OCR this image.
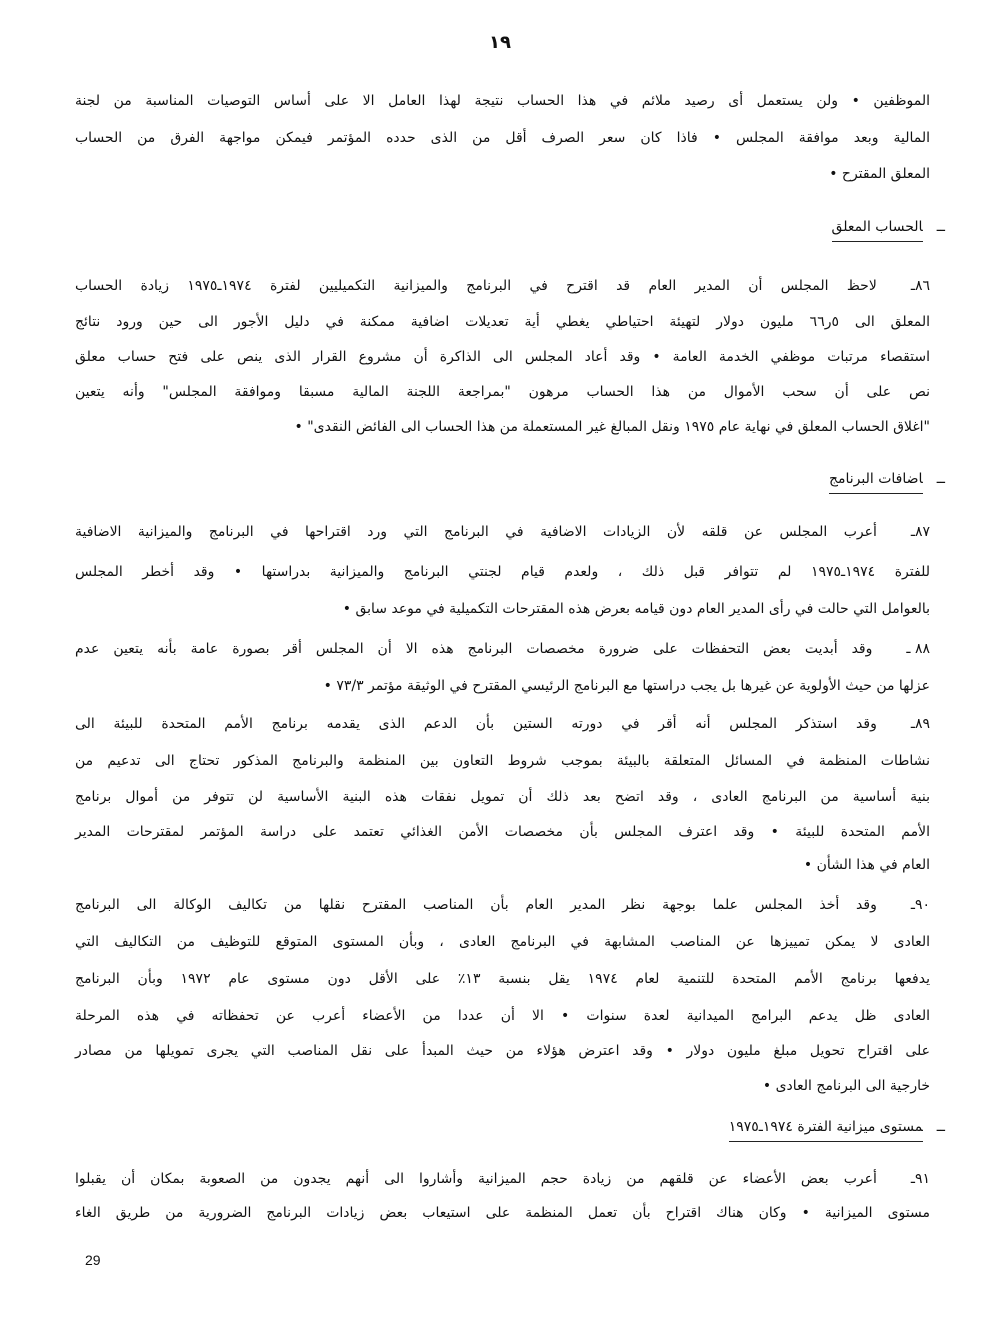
١٩
الموظفين • ولن يستعمل أى رصيد ملائم في هذا الحساب نتيجة لهذا العامل الا على أساس التوصيات المناسبة من لجنة
المالية وبعد موافقة المجلس • فاذا كان سعر الصرف أقل من الذى حدده المؤتمر فيمكن مواجهة الفرق من الحساب
المعلق المقترح •
ــالحساب المعلق
٨٦ـلاحظ المجلس أن المدير العام قد اقترح في البرنامج والميزانية التكميليين لفترة ١٩٧٤ـ١٩٧٥ زيادة الحساب
المعلق الى ٥ر٦٦ مليون دولار لتهيئة احتياطي يغطي أية تعديلات اضافية ممكنة في دليل الأجور الى حين ورود نتائج
استقصاء مرتبات موظفي الخدمة العامة • وقد أعاد المجلس الى الذاكرة أن مشروع القرار الذى ينص على فتح حساب معلق
نص على أن سحب الأموال من هذا الحساب مرهون "بمراجعة اللجنة المالية مسبقا وموافقة المجلس" وأنه يتعين
"اغلاق الحساب المعلق في نهاية عام ١٩٧٥ ونقل المبالغ غير المستعملة من هذا الحساب الى الفائض النقدى" •
ــاضافات البرنامج
٨٧ـأعرب المجلس عن قلقه لأن الزيادات الاضافية في البرنامج التي ورد اقتراحها في البرنامج والميزانية الاضافية
للفترة ١٩٧٤ـ١٩٧٥ لم تتوافر قبل ذلك ، ولعدم قيام لجنتي البرنامج والميزانية بدراستها • وقد أخطر المجلس
بالعوامل التي حالت في رأى المدير العام دون قيامه بعرض هذه المقترحات التكميلية في موعد سابق •
٨٨ ـوقد أبديت بعض التحفظات على ضرورة مخصصات البرنامج هذه الا أن المجلس أقر بصورة عامة بأنه يتعين عدم
عزلها من حيث الأولوية عن غيرها بل يجب دراستها مع البرنامج الرئيسي المقترح في الوثيقة مؤتمر ٧٣/٣ •
٨٩ـوقد استذكر المجلس أنه أقر في دورته الستين بأن الدعم الذى يقدمه برنامج الأمم المتحدة للبيئة الى
نشاطات المنظمة في المسائل المتعلقة بالبيئة بموجب شروط التعاون بين المنظمة والبرنامج المذكور تحتاج الى تدعيم من
بنية أساسية من البرنامج العادى ، وقد اتضح بعد ذلك أن تمويل نفقات هذه البنية الأساسية لن تتوفر من أموال برنامج
الأمم المتحدة للبيئة • وقد اعترف المجلس بأن مخصصات الأمن الغذائي تعتمد على دراسة المؤتمر لمقترحات المدير
العام في هذا الشأن •
٩٠ـوقد أخذ المجلس علما بوجهة نظر المدير العام بأن المناصب المقترح نقلها من تكاليف الوكالة الى البرنامج
العادى لا يمكن تمييزها عن المناصب المشابهة في البرنامج العادى ، وبأن المستوى المتوقع للتوظيف من التكاليف التي
يدفعها برنامج الأمم المتحدة للتنمية لعام ١٩٧٤ يقل بنسبة ١٣٪ على الأقل دون مستوى عام ١٩٧٢ وبأن البرنامج
العادى ظل يدعم البرامج الميدانية لعدة سنوات • الا أن عددا من الأعضاء أعرب عن تحفظاته في هذه المرحلة
على اقتراح تحويل مبلغ مليون دولار • وقد اعترض هؤلاء من حيث المبدأ على نقل المناصب التي يجرى تمويلها من مصادر
خارجية الى البرنامج العادى •
ــمستوى ميزانية الفترة ١٩٧٤ـ١٩٧٥
٩١ـأعرب بعض الأعضاء عن قلقهم من زيادة حجم الميزانية وأشاروا الى أنهم يجدون من الصعوبة بمكان أن يقبلوا
مستوى الميزانية • وكان هناك اقتراح بأن تعمل المنظمة على استيعاب بعض زيادات البرنامج الضرورية من طريق الغاء
29
